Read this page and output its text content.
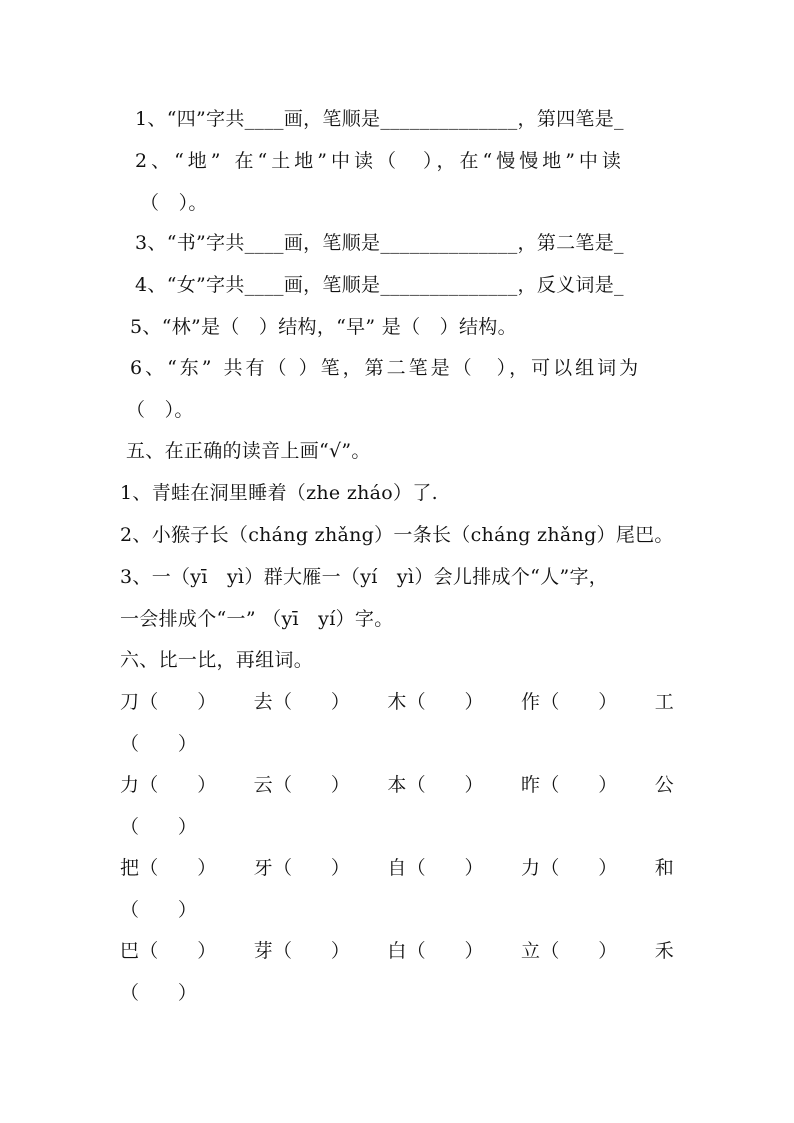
1、“四”字共____画，笔顺是______________，第四笔是_
2、“地” 在“土地”中读（　），在“慢慢地”中读
（　）。
3、“书”字共____画，笔顺是______________，第二笔是_
4、“女”字共____画，笔顺是______________，反义词是_
5、“林”是（　）结构，“早” 是（　）结构。
6、“东” 共有（ ）笔，第二笔是（　），可以组词为
（　）。
五、在正确的读音上画“√”。
1、青蛙在洞里睡着（zhe zháo）了.
2、小猴子长（cháng zhǎng）一条长（cháng zhǎng）尾巴。
3、一（yī　yì）群大雁一（yí　yì）会儿排成个“人”字，
一会排成个“一” （yī　yí）字。
六、比一比，再组词。
刀（　　） 去（　　） 木（　　） 作（　　） 工
（　　）
力（　　） 云（　　） 本（　　） 昨（　　） 公
（　　）
把（　　） 牙（　　） 自（　　） 力（　　） 和
（　　）
巴（　　） 芽（　　） 白（　　） 立（　　） 禾
（　　）
